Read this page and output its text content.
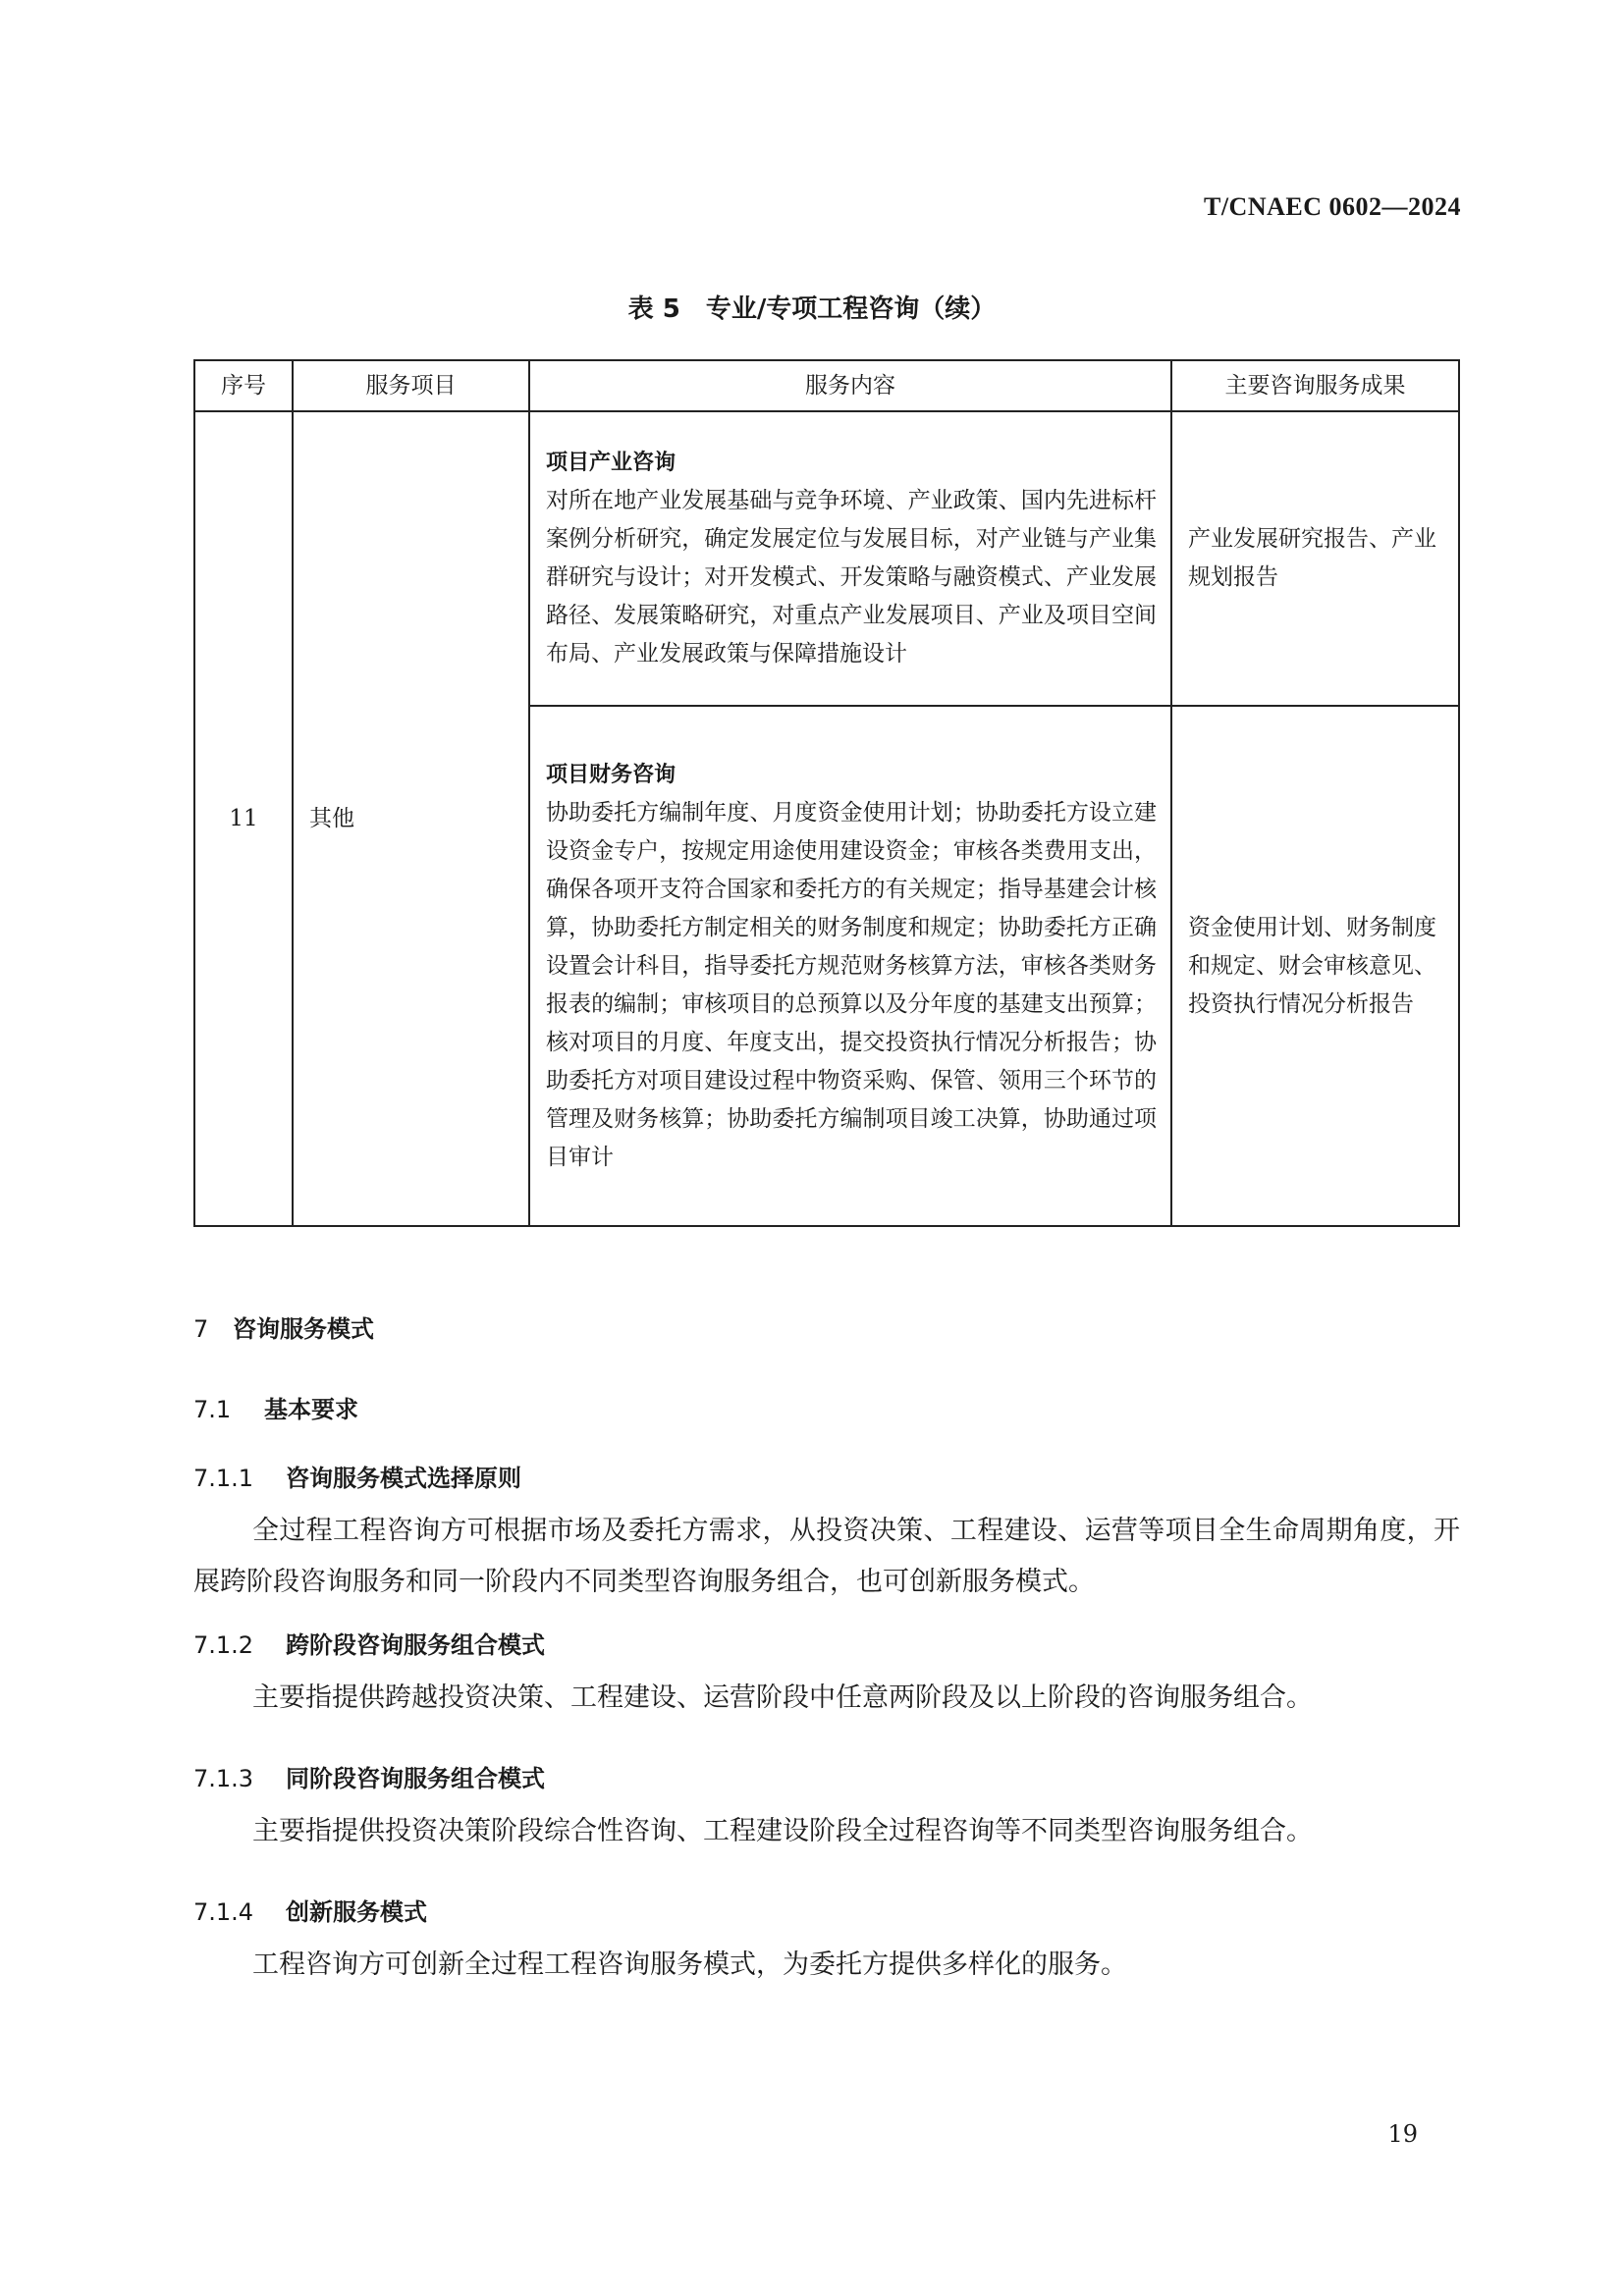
T/CNAEC 0602—2024
表 5　专业/专项工程咨询（续）
序号	服务项目	服务内容	主要咨询服务成果
11	其他	项目产业咨询
对所在地产业发展基础与竞争环境、产业政策、国内先进标杆案例分析研究，确定发展定位与发展目标，对产业链与产业集群研究与设计；对开发模式、开发策略与融资模式、产业发展路径、发展策略研究，对重点产业发展项目、产业及项目空间布局、产业发展政策与保障措施设计	产业发展研究报告、产业规划报告

		项目财务咨询
协助委托方编制年度、月度资金使用计划；协助委托方设立建设资金专户，按规定用途使用建设资金；审核各类费用支出，确保各项开支符合国家和委托方的有关规定；指导基建会计核算，协助委托方制定相关的财务制度和规定；协助委托方正确设置会计科目，指导委托方规范财务核算方法，审核各类财务报表的编制；审核项目的总预算以及分年度的基建支出预算；核对项目的月度、年度支出，提交投资执行情况分析报告；协助委托方对项目建设过程中物资采购、保管、领用三个环节的管理及财务核算；协助委托方编制项目竣工决算，协助通过项目审计	资金使用计划、财务制度和规定、财会审核意见、投资执行情况分析报告
7 咨询服务模式
7.1 基本要求
7.1.1 咨询服务模式选择原则
全过程工程咨询方可根据市场及委托方需求，从投资决策、工程建设、运营等项目全生命周期角度，开展跨阶段咨询服务和同一阶段内不同类型咨询服务组合，也可创新服务模式。
7.1.2 跨阶段咨询服务组合模式
主要指提供跨越投资决策、工程建设、运营阶段中任意两阶段及以上阶段的咨询服务组合。
7.1.3 同阶段咨询服务组合模式
主要指提供投资决策阶段综合性咨询、工程建设阶段全过程咨询等不同类型咨询服务组合。
7.1.4 创新服务模式
工程咨询方可创新全过程工程咨询服务模式，为委托方提供多样化的服务。
19
